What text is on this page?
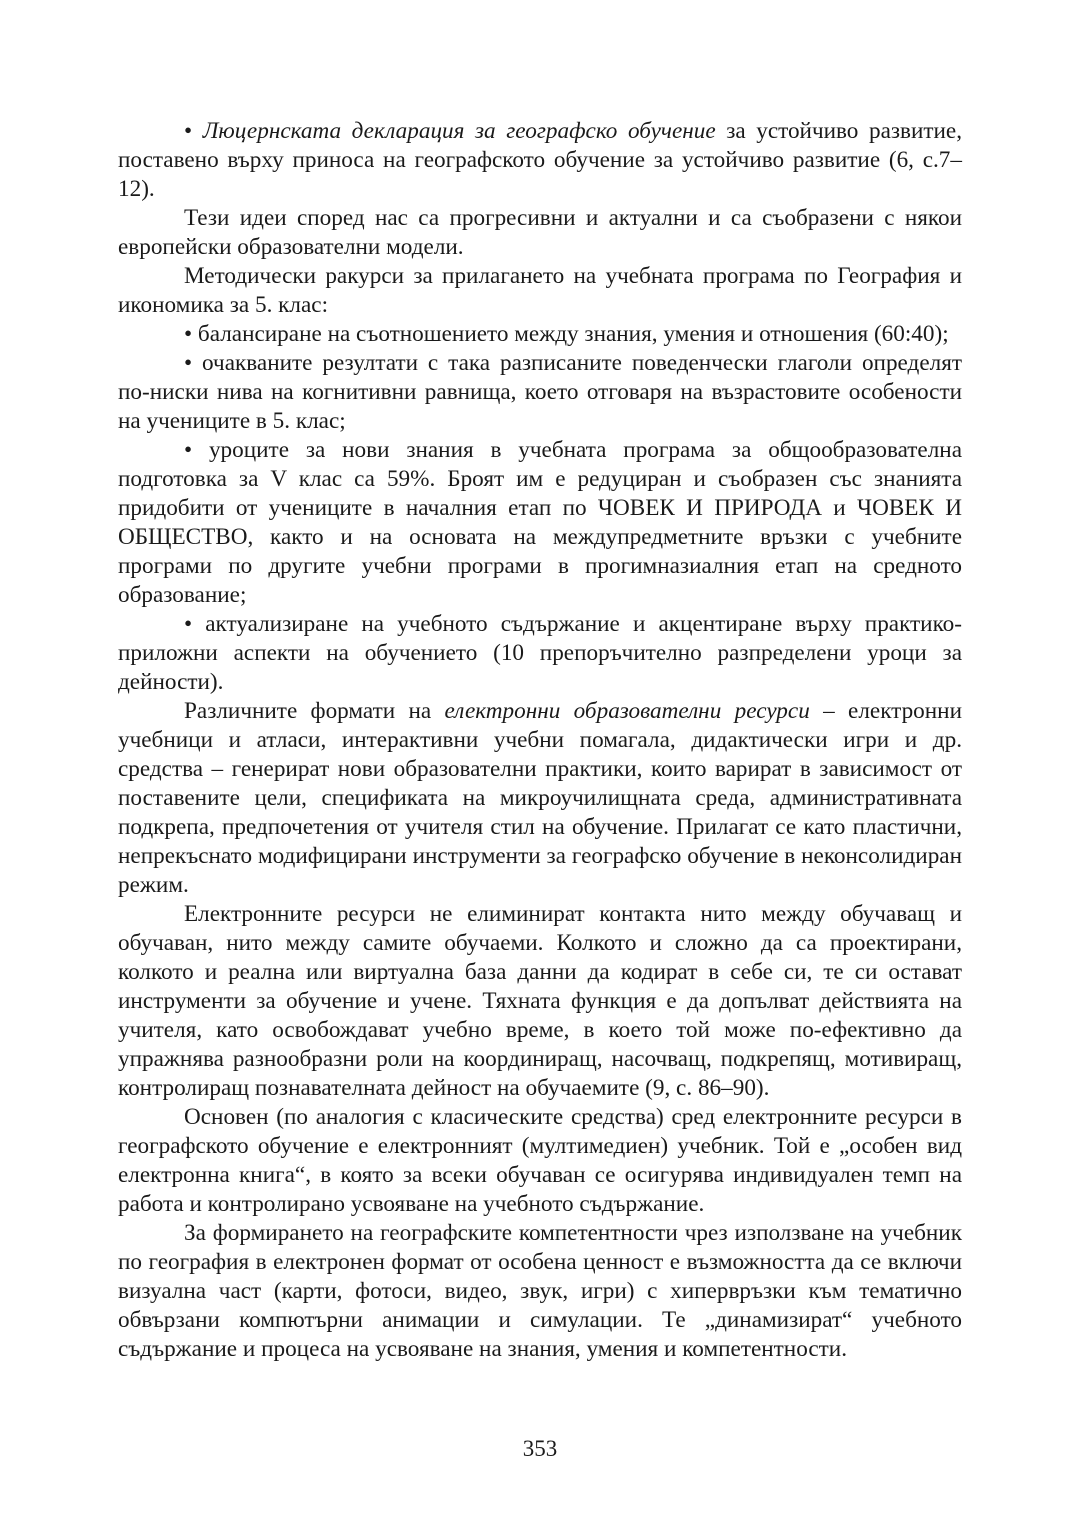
• Люцернската декларация за географско обучение за устойчиво развитие, поставено върху приноса на географското обучение за устойчиво развитие (6, с.7–12).

Тези идеи според нас са прогресивни и актуални и са съобразени с някои европейски образователни модели.

Методически ракурси за прилагането на учебната програма по География и икономика за 5. клас:

• балансиране на съотношението между знания, умения и отношения (60:40);

• очакваните резултати с така разписаните поведенчески глаголи определят по-ниски нива на когнитивни равнища, което отговаря на възрастовите особености на учениците в 5. клас;

• уроците за нови знания в учебната програма за общообразователна подготовка за V клас са 59%. Броят им е редуциран и съобразен със знанията придобити от учениците в началния етап по ЧОВЕК И ПРИРОДА и ЧОВЕК И ОБЩЕСТВО, както и на основата на междупредметните връзки с учебните програми по другите учебни програми в прогимназиалния етап на средното образование;

• актуализиране на учебното съдържание и акцентиране върху практико-приложни аспекти на обучението (10 препоръчително разпределени уроци за дейности).

Различните формати на електронни образователни ресурси – електронни учебници и атласи, интерактивни учебни помагала, дидактически игри и др. средства – генерират нови образователни практики, които варират в зависимост от поставените цели, спецификата на микроучилищната среда, административната подкрепа, предпочетения от учителя стил на обучение. Прилагат се като пластични, непрекъснато модифицирани инструменти за географско обучение в неконсолидиран режим.

Електронните ресурси не елиминират контакта нито между обучаващ и обучаван, нито между самите обучаеми. Колкото и сложно да са проектирани, колкото и реална или виртуална база данни да кодират в себе си, те си остават инструменти за обучение и учене. Тяхната функция е да допълват действията на учителя, като освобождават учебно време, в което той може по-ефективно да упражнява разнообразни роли на координиращ, насочващ, подкрепящ, мотивиращ, контролиращ познавателната дейност на обучаемите (9, с. 86–90).

Основен (по аналогия с класическите средства) сред електронните ресурси в географското обучение е електронният (мултимедиен) учебник. Той е „особен вид електронна книга“, в която за всеки обучаван се осигурява индивидуален темп на работа и контролирано усвояване на учебното съдържание.

За формирането на географските компетентности чрез използване на учебник по география в електронен формат от особена ценност е възможността да се включи визуална част (карти, фотоси, видео, звук, игри) с хипервръзки към тематично обвързани компютърни анимации и симулации. Те „динамизират“ учебното съдържание и процеса на усвояване на знания, умения и компетентности.

353
